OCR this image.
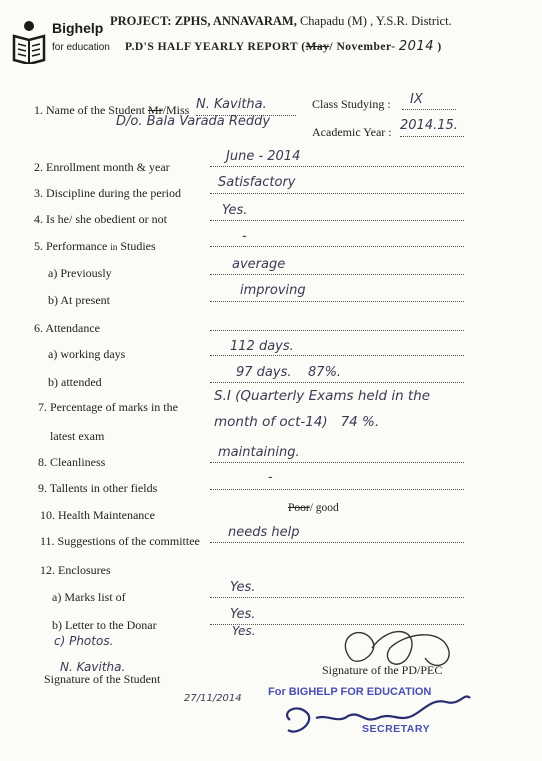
Bighelp
for education
PROJECT: ZPHS, ANNAVARAM, Chapadu (M) , Y.S.R. District.
P.D'S HALF YEARLY REPORT (May/ November- 2014 )
1. Name of the Student Mr/Miss N. Kavitha.
D/o. Bala Varada Reddy
Class Studying : IX
Academic Year : 2014.15.
2. Enrollment month & year
June - 2014
3. Discipline during the period
Satisfactory
4. Is he/ she obedient or not
Yes.
5. Performance in Studies
-
a) Previously
average
b) At present
improving
6. Attendance
a) working days	112 days.
b) attended
97 days.    87%.
7. Percentage of marks in the
latest exam
S.I (Quarterly Exams held in the
month of oct-14)   74 %.
8. Cleanliness
maintaining.
9. Tallents in other fields
-
10. Health Maintenance	Poor/ good
11. Suggestions of the committee
needs help
12. Enclosures
a) Marks list of
Yes.
b) Letter to the Donar
Yes.
Yes.
c) Photos.
N. Kavitha.
Signature of the Student
Signature of the PD/PEC
27/11/2014
For BIGHELP FOR EDUCATION
SECRETARY
